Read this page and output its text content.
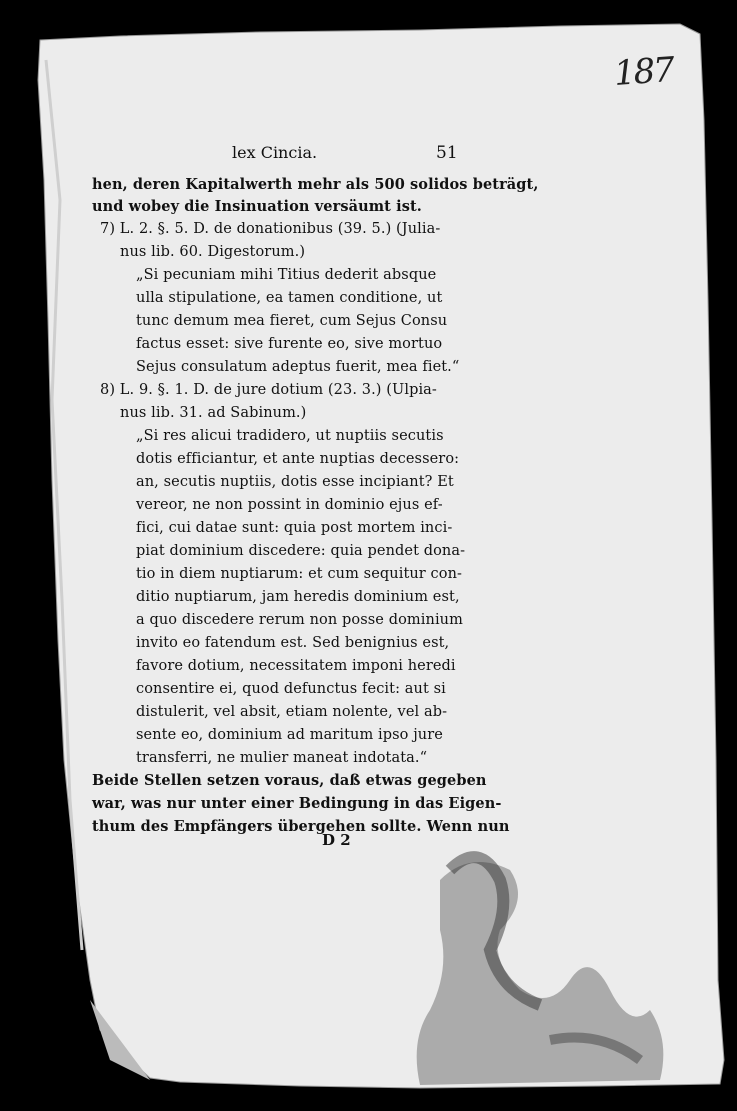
187
lex Cincia.	51
hen, deren Kapitalwerth mehr als 500 solidos beträgt,
und wobey die Insinuation versäumt ist.
7) L. 2. §. 5. D. de donationibus (39. 5.) (Julia-
nus lib. 60. Digestorum.)
„Si pecuniam mihi Titius dederit absque
ulla stipulatione, ea tamen conditione, ut
tunc demum mea fieret, cum Sejus Consu
factus esset: sive furente eo, sive mortuo
Sejus consulatum adeptus fuerit, mea fiet.“
8) L. 9. §. 1. D. de jure dotium (23. 3.) (Ulpia-
nus lib. 31. ad Sabinum.)
„Si res alicui tradidero, ut nuptiis secutis
dotis efficiantur, et ante nuptias decessero:
an, secutis nuptiis, dotis esse incipiant? Et
vereor, ne non possint in dominio ejus ef-
fici, cui datae sunt: quia post mortem inci-
piat dominium discedere: quia pendet dona-
tio in diem nuptiarum: et cum sequitur con-
ditio nuptiarum, jam heredis dominium est,
a quo discedere rerum non posse dominium
invito eo fatendum est. Sed benignius est,
favore dotium, necessitatem imponi heredi
consentire ei, quod defunctus fecit: aut si
distulerit, vel absit, etiam nolente, vel ab-
sente eo, dominium ad maritum ipso jure
transferri, ne mulier maneat indotata.“
Beide Stellen setzen voraus, daß etwas gegeben
war, was nur unter einer Bedingung in das Eigen-
thum des Empfängers übergehen sollte. Wenn nun
D 2
